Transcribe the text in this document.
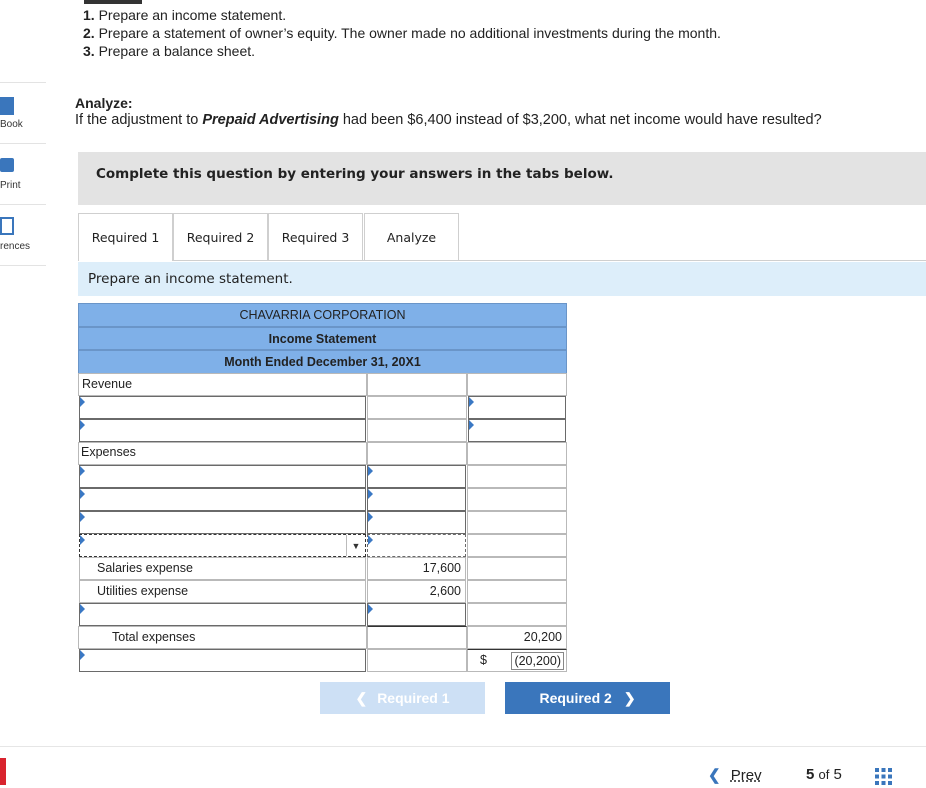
Book
Print
rences
1. Prepare an income statement.
2. Prepare a statement of owner’s equity. The owner made no additional investments during the month.
3. Prepare a balance sheet.
Analyze:
If the adjustment to Prepaid Advertising had been $6,400 instead of $3,200, what net income would have resulted?
Complete this question by entering your answers in the tabs below.
Required 1 Required 2 Required 3	Analyze
Prepare an income statement.
CHAVARRIA CORPORATION
Income Statement
Month Ended December 31, 20X1
Revenue
Expenses
▼
Salaries expense	17,600
Utilities expense	2,600
Total expenses	20,200
$ (20,200)
❮ Required 1	Required 2 ❯
❮ Prev	5 of 5
